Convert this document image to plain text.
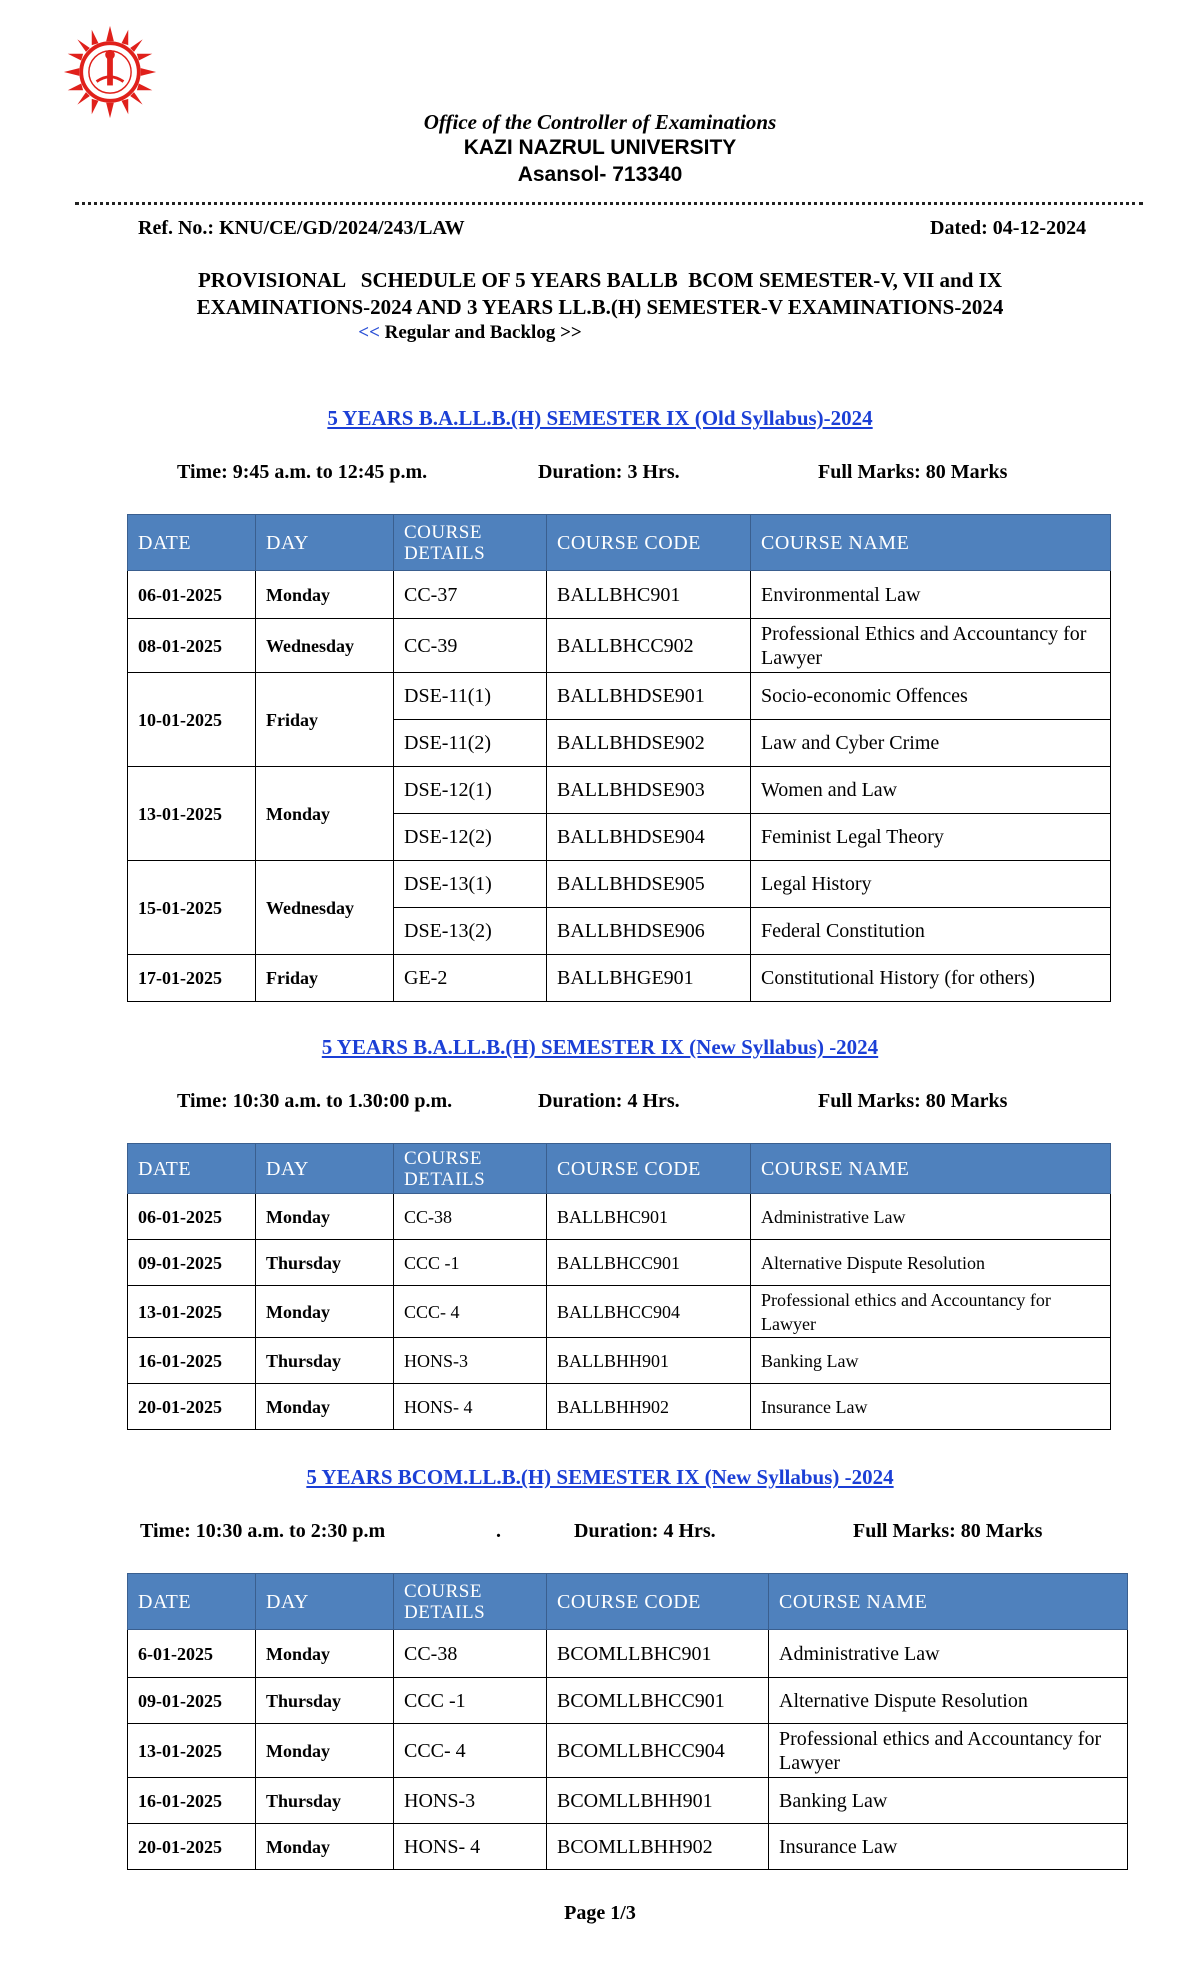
Office of the Controller of Examinations
KAZI NAZRUL UNIVERSITY
Asansol- 713340
Ref. No.: KNU/CE/GD/2024/243/LAW	Dated: 04-12-2024
PROVISIONAL   SCHEDULE OF 5 YEARS BALLB  BCOM SEMESTER-V, VII and IX
EXAMINATIONS-2024 AND 3 YEARS LL.B.(H) SEMESTER-V EXAMINATIONS-2024
<< Regular and Backlog >>
5 YEARS B.A.LL.B.(H) SEMESTER IX (Old Syllabus)-2024
Time: 9:45 a.m. to 12:45 p.m.	Duration: 3 Hrs.	Full Marks: 80 Marks
DATE	DAY	COURSE DETAILS	COURSE CODE	COURSE NAME
06-01-2025	Monday	CC-37	BALLBHC901	Environmental Law
08-01-2025	Wednesday	CC-39	BALLBHCC902	Professional Ethics and Accountancy for Lawyer
10-01-2025	Friday	DSE-11(1)	BALLBHDSE901	Socio-economic Offences
		DSE-11(2)	BALLBHDSE902	Law and Cyber Crime
13-01-2025	Monday	DSE-12(1)	BALLBHDSE903	Women and Law
		DSE-12(2)	BALLBHDSE904	Feminist Legal Theory
15-01-2025	Wednesday	DSE-13(1)	BALLBHDSE905	Legal History
		DSE-13(2)	BALLBHDSE906	Federal Constitution
17-01-2025	Friday	GE-2	BALLBHGE901	Constitutional History (for others)
5 YEARS B.A.LL.B.(H) SEMESTER IX (New Syllabus) -2024
Time: 10:30 a.m. to 1.30:00 p.m.	Duration: 4 Hrs.	Full Marks: 80 Marks
DATE	DAY	COURSE DETAILS	COURSE CODE	COURSE NAME
06-01-2025	Monday	CC-38	BALLBHC901	Administrative Law
09-01-2025	Thursday	CCC -1	BALLBHCC901	Alternative Dispute Resolution
13-01-2025	Monday	CCC- 4	BALLBHCC904	Professional ethics and Accountancy for Lawyer
16-01-2025	Thursday	HONS-3	BALLBHH901	Banking Law
20-01-2025	Monday	HONS- 4	BALLBHH902	Insurance Law
5 YEARS BCOM.LL.B.(H) SEMESTER IX (New Syllabus) -2024
Time: 10:30 a.m. to 2:30 p.m	.	Duration: 4 Hrs.	Full Marks: 80 Marks
DATE	DAY	COURSE DETAILS	COURSE CODE	COURSE NAME
6-01-2025	Monday	CC-38	BCOMLLBHC901	Administrative Law
09-01-2025	Thursday	CCC -1	BCOMLLBHCC901	Alternative Dispute Resolution
13-01-2025	Monday	CCC- 4	BCOMLLBHCC904	Professional ethics and Accountancy for Lawyer
16-01-2025	Thursday	HONS-3	BCOMLLBHH901	Banking Law
20-01-2025	Monday	HONS- 4	BCOMLLBHH902	Insurance Law
Page 1/3
